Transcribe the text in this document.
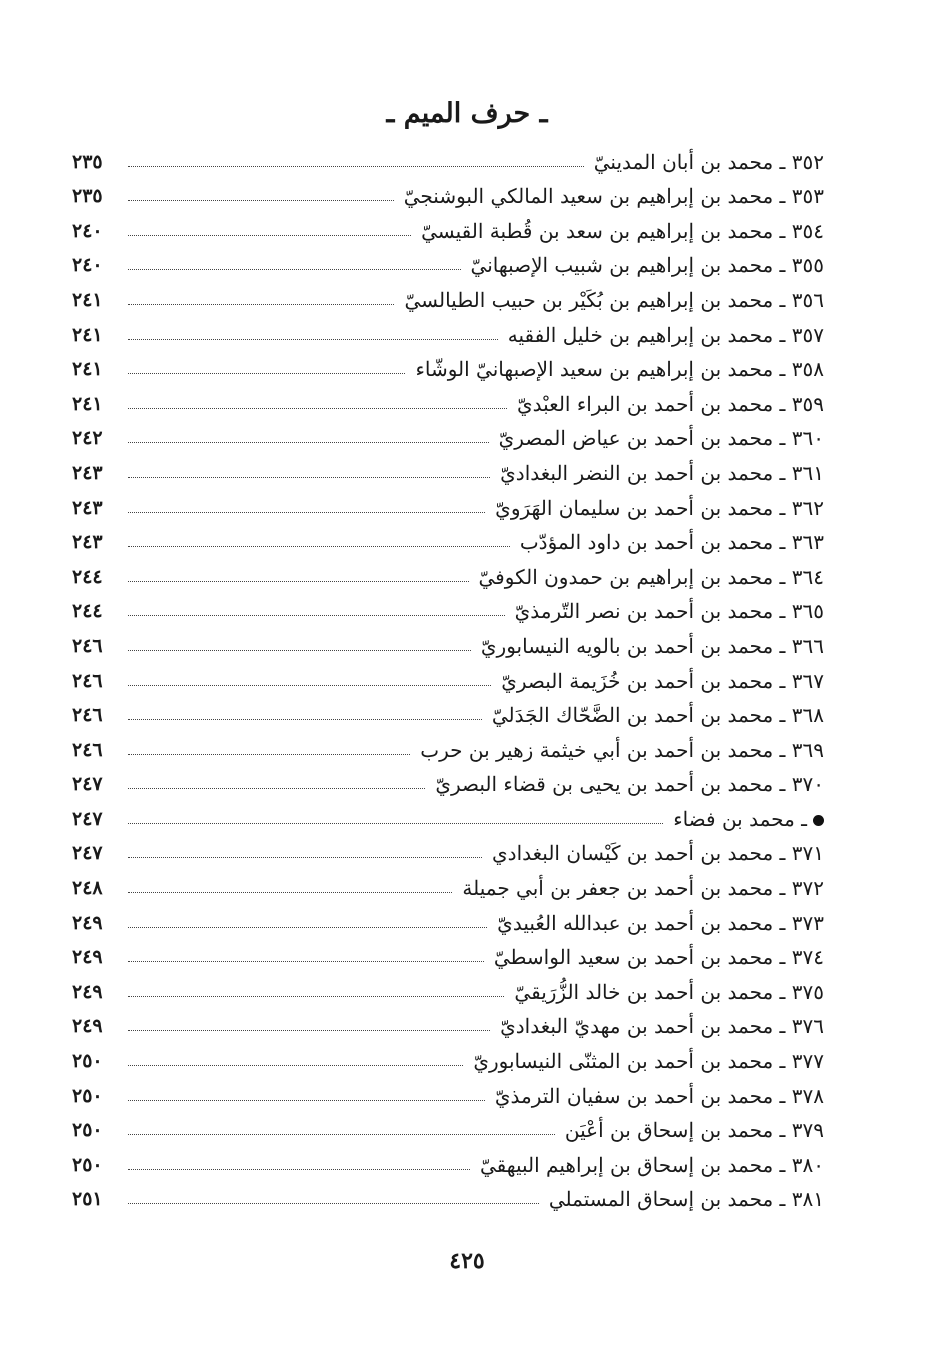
ـ حرف الميم ـ
٢٣٥	٣٥٢ ـ محمد بن أبان المدينيّ
٢٣٥	٣٥٣ ـ محمد بن إبراهيم بن سعيد المالكي البوشنجيّ
٢٤٠	٣٥٤ ـ محمد بن إبراهيم بن سعد بن قُطبة القيسيّ
٢٤٠	٣٥٥ ـ محمد بن إبراهيم بن شبيب الإصبهانيّ
٢٤١	٣٥٦ ـ محمد بن إبراهيم بن بُكَيْر بن حبيب الطيالسيّ
٢٤١	٣٥٧ ـ محمد بن إبراهيم بن خليل الفقيه
٢٤١	٣٥٨ ـ محمد بن إبراهيم بن سعيد الإصبهانيّ الوشّاء
٢٤١	٣٥٩ ـ محمد بن أحمد بن البراء العبْديّ
٢٤٢	٣٦٠ ـ محمد بن أحمد بن عياض المصريّ
٢٤٣	٣٦١ ـ محمد بن أحمد بن النضر البغداديّ
٢٤٣	٣٦٢ ـ محمد بن أحمد بن سليمان الهَرَويّ
٢٤٣	٣٦٣ ـ محمد بن أحمد بن داود المؤدّب
٢٤٤	٣٦٤ ـ محمد بن إبراهيم بن حمدون الكوفيّ
٢٤٤	٣٦٥ ـ محمد بن أحمد بن نصر التّرمذيّ
٢٤٦	٣٦٦ ـ محمد بن أحمد بن بالويه النيسابوريّ
٢٤٦	٣٦٧ ـ محمد بن أحمد بن خُزَيمة البصريّ
٢٤٦	٣٦٨ ـ محمد بن أحمد بن الضَّحّاك الجَدَليّ
٢٤٦	٣٦٩ ـ محمد بن أحمد بن أبي خيثمة زهير بن حرب
٢٤٧	٣٧٠ ـ محمد بن أحمد بن يحيى بن قضاء البصريّ
٢٤٧	ـ محمد بن فضاء
٢٤٧	٣٧١ ـ محمد بن أحمد بن كَيْسان البغدادي
٢٤٨	٣٧٢ ـ محمد بن أحمد بن جعفر بن أبي جميلة
٢٤٩	٣٧٣ ـ محمد بن أحمد بن عبدالله العُبيديّ
٢٤٩	٣٧٤ ـ محمد بن أحمد بن سعيد الواسطيّ
٢٤٩	٣٧٥ ـ محمد بن أحمد بن خالد الزُّرَيقيّ
٢٤٩	٣٧٦ ـ محمد بن أحمد بن مهديّ البغداديّ
٢٥٠	٣٧٧ ـ محمد بن أحمد بن المثنّى النيسابوريّ
٢٥٠	٣٧٨ ـ محمد بن أحمد بن سفيان الترمذيّ
٢٥٠	٣٧٩ ـ محمد بن إسحاق بن أعْيَن
٢٥٠	٣٨٠ ـ محمد بن إسحاق بن إبراهيم البيهقيّ
٢٥١	٣٨١ ـ محمد بن إسحاق المستملي
٤٢٥
